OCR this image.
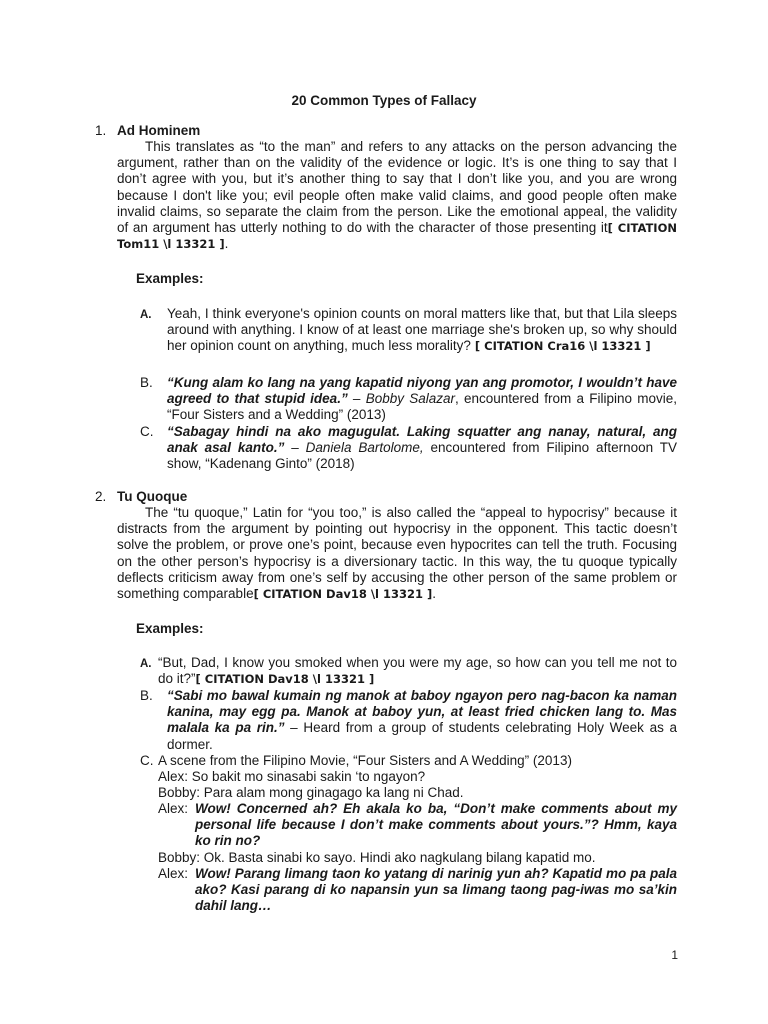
20 Common Types of Fallacy
1. Ad Hominem

This translates as “to the man” and refers to any attacks on the person advancing the argument, rather than on the validity of the evidence or logic. It’s is one thing to say that I don’t agree with you, but it’s another thing to say that I don’t like you, and you are wrong because I don't like you; evil people often make valid claims, and good people often make invalid claims, so separate the claim from the person. Like the emotional appeal, the validity of an argument has utterly nothing to do with the character of those presenting it[ CITATION Tom11 \l 13321 ].

Examples:
A.	Yeah, I think everyone's opinion counts on moral matters like that, but that Lila sleeps around with anything. I know of at least one marriage she's broken up, so why should her opinion count on anything, much less morality? [ CITATION Cra16 \l 13321 ]
B.	“Kung alam ko lang na yang kapatid niyong yan ang promotor, I wouldn’t have agreed to that stupid idea.” – Bobby Salazar, encountered from a Filipino movie, “Four Sisters and a Wedding” (2013)
C.	“Sabagay hindi na ako magugulat. Laking squatter ang nanay, natural, ang anak asal kanto.” – Daniela Bartolome, encountered from Filipino afternoon TV show, “Kadenang Ginto” (2018)
2. Tu Quoque

The “tu quoque,” Latin for “you too,” is also called the “appeal to hypocrisy” because it distracts from the argument by pointing out hypocrisy in the opponent. This tactic doesn’t solve the problem, or prove one’s point, because even hypocrites can tell the truth. Focusing on the other person’s hypocrisy is a diversionary tactic. In this way, the tu quoque typically deflects criticism away from one’s self by accusing the other person of the same problem or something comparable[ CITATION Dav18 \l 13321 ].

Examples:
A. “But, Dad, I know you smoked when you were my age, so how can you tell me not to do it?”[ CITATION Dav18 \l 13321 ]
B.	“Sabi mo bawal kumain ng manok at baboy ngayon pero nag-bacon ka naman kanina, may egg pa. Manok at baboy yun, at least fried chicken lang to. Mas malala ka pa rin.” – Heard from a group of students celebrating Holy Week as a dormer.
C. A scene from the Filipino Movie, “Four Sisters and A Wedding” (2013)
Alex: So bakit mo sinasabi sakin ‘to ngayon?
Bobby: Para alam mong ginagago ka lang ni Chad.
Alex: Wow! Concerned ah? Eh akala ko ba, “Don’t make comments about my personal life because I don’t make comments about yours.”? Hmm, kaya ko rin no?
Bobby: Ok. Basta sinabi ko sayo. Hindi ako nagkulang bilang kapatid mo.
Alex: Wow! Parang limang taon ko yatang di narinig yun ah? Kapatid mo pa pala ako? Kasi parang di ko napansin yun sa limang taong pag-iwas mo sa’kin dahil lang…
1
